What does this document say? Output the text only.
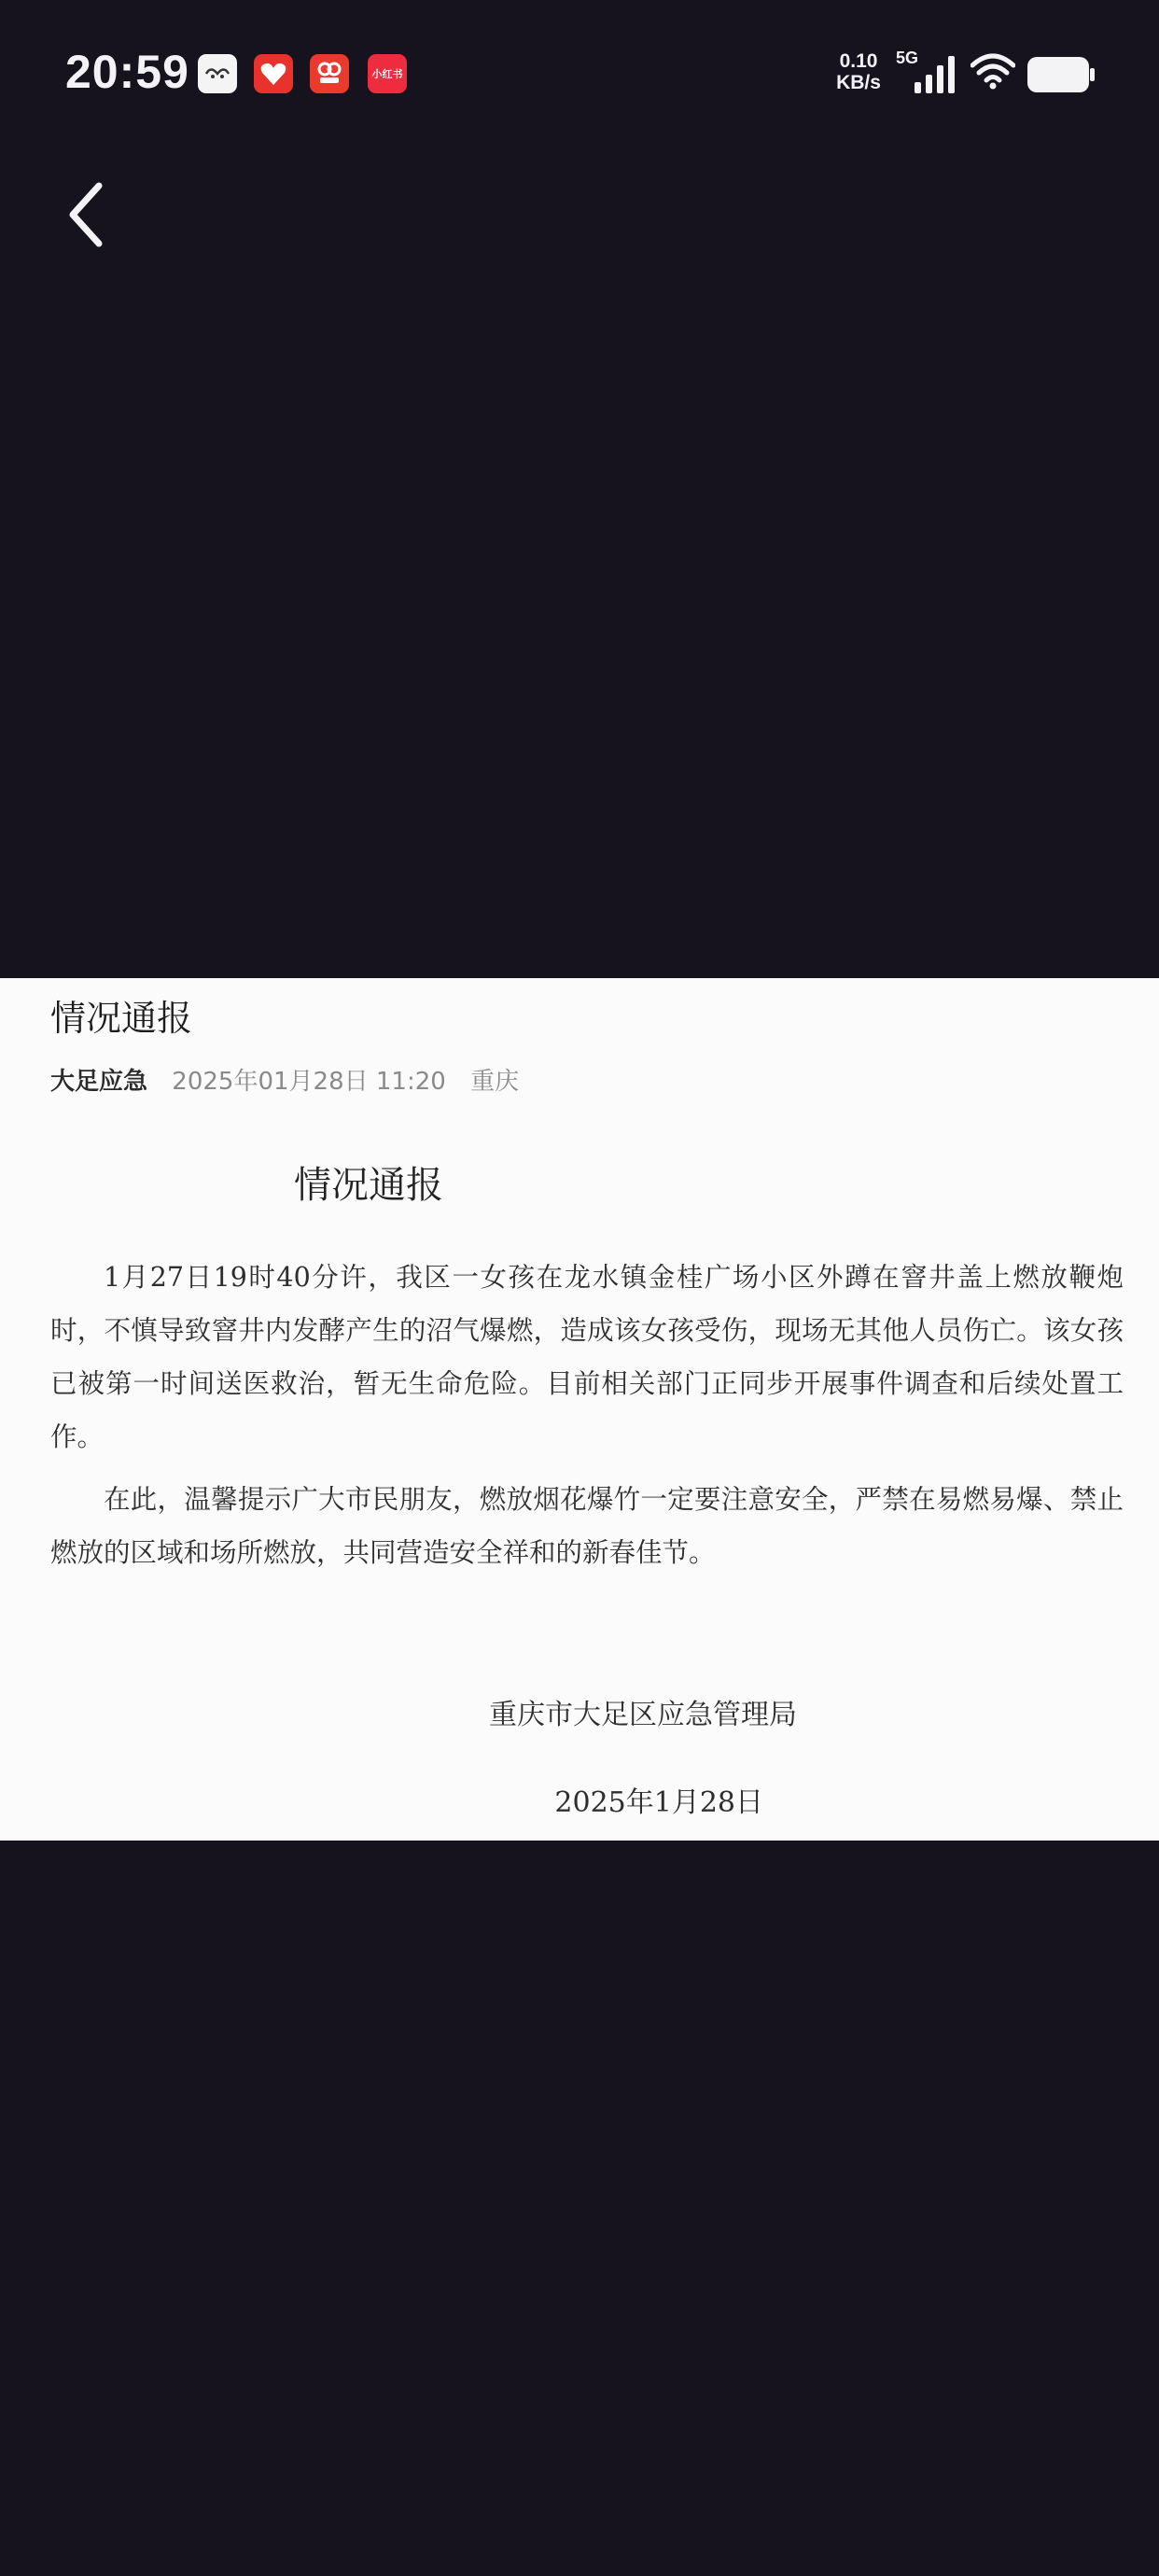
20:59	小红书
0.10
KB/s
5G
情况通报
大足应急 2025年01月28日 11:20 重庆
情况通报

1月27日19时40分许，我区一女孩在龙水镇金桂广场小区外蹲在窨井盖上燃放鞭炮时，不慎导致窨井内发酵产生的沼气爆燃，造成该女孩受伤，现场无其他人员伤亡。该女孩已被第一时间送医救治，暂无生命危险。目前相关部门正同步开展事件调查和后续处置工作。

在此，温馨提示广大市民朋友，燃放烟花爆竹一定要注意安全，严禁在易燃易爆、禁止燃放的区域和场所燃放，共同营造安全祥和的新春佳节。

重庆市大足区应急管理局
2025年1月28日
